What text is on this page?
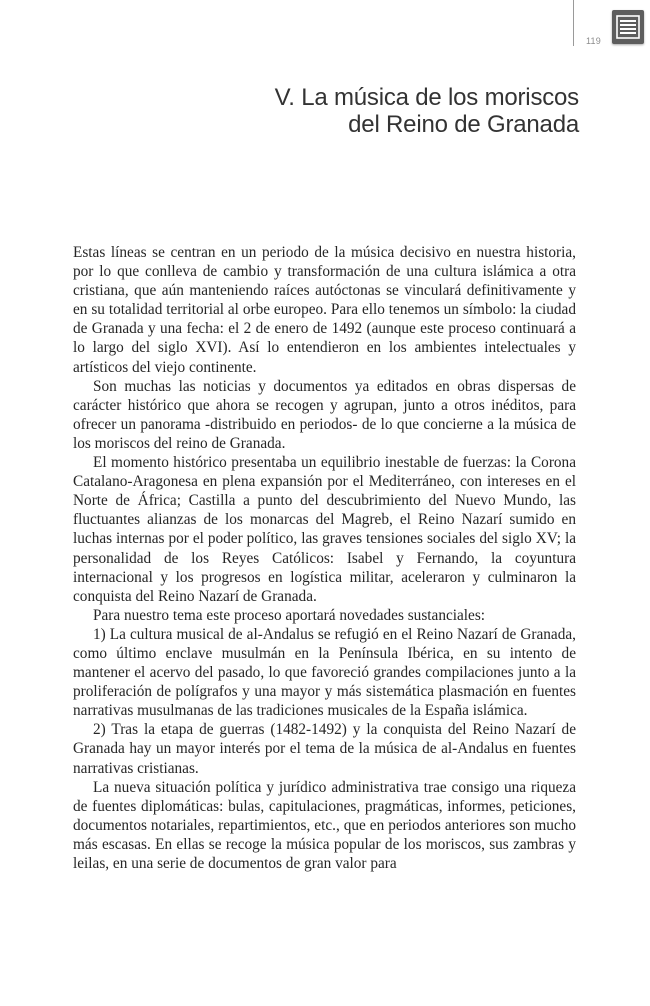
119
V. La música de los moriscos
del Reino de Granada

Estas líneas se centran en un periodo de la música decisivo en nuestra historia, por lo que conlleva de cambio y transformación de una cultura islámica a otra cristiana, que aún manteniendo raíces autóctonas se vinculará definitivamente y en su totalidad territorial al orbe europeo. Para ello tenemos un símbolo: la ciudad de Granada y una fecha: el 2 de enero de 1492 (aunque este proceso continuará a lo largo del siglo XVI). Así lo entendieron en los ambientes intelectuales y artísticos del viejo continente.

Son muchas las noticias y documentos ya editados en obras dispersas de carácter histórico que ahora se recogen y agrupan, junto a otros inéditos, para ofrecer un panorama -distribuido en periodos- de lo que concierne a la música de los moriscos del reino de Granada.

El momento histórico presentaba un equilibrio inestable de fuerzas: la Corona Catalano-Aragonesa en plena expansión por el Mediterráneo, con intereses en el Norte de África; Castilla a punto del descubrimiento del Nuevo Mundo, las fluctuantes alianzas de los monarcas del Magreb, el Reino Nazarí sumido en luchas internas por el poder político, las graves tensiones sociales del siglo XV; la personalidad de los Reyes Católicos: Isabel y Fernando, la coyuntura internacional y los progresos en logística militar, aceleraron y culminaron la conquista del Reino Nazarí de Granada.

Para nuestro tema este proceso aportará novedades sustanciales:

1) La cultura musical de al-Andalus se refugió en el Reino Nazarí de Granada, como último enclave musulmán en la Península Ibérica, en su intento de mantener el acervo del pasado, lo que favoreció grandes compilaciones junto a la proliferación de polígrafos y una mayor y más sistemática plasmación en fuentes narrativas musulmanas de las tradiciones musicales de la España islámica.

2) Tras la etapa de guerras (1482-1492) y la conquista del Reino Nazarí de Granada hay un mayor interés por el tema de la música de al-Andalus en fuentes narrativas cristianas.

La nueva situación política y jurídico administrativa trae consigo una riqueza de fuentes diplomáticas: bulas, capitulaciones, pragmáticas, informes, peticiones, documentos notariales, repartimientos, etc., que en periodos anteriores son mucho más escasas. En ellas se recoge la música popular de los moriscos, sus zambras y leilas, en una serie de documentos de gran valor para
